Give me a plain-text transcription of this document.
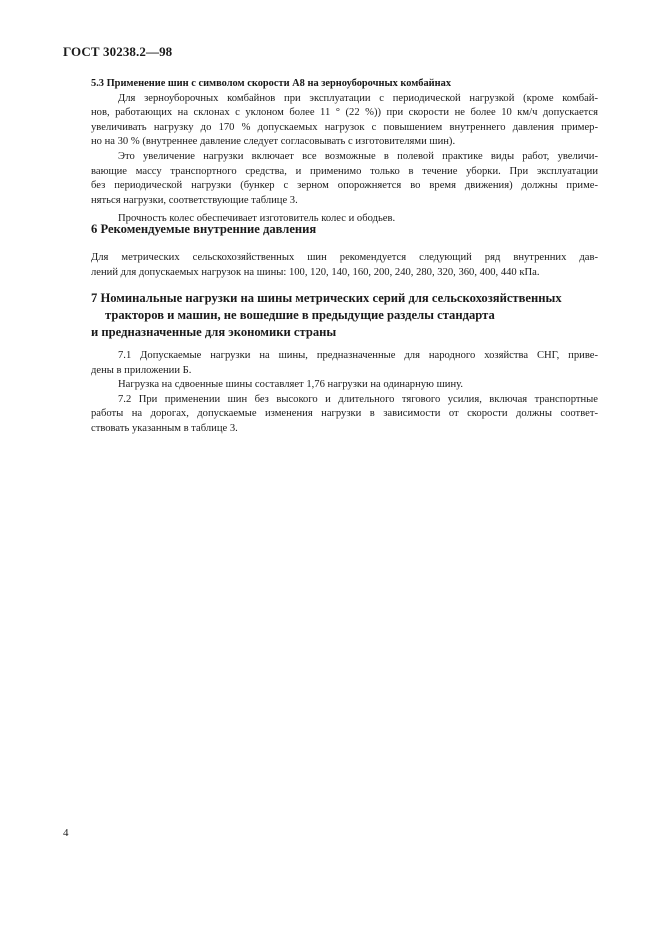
ГОСТ 30238.2—98
5.3 Применение шин с символом скорости А8 на зерноуборочных комбайнах
Для зерноуборочных комбайнов при эксплуатации с периодической нагрузкой (кроме комбай-
нов, работающих на склонах с уклоном более 11 ° (22 %)) при скорости не более 10 км/ч допускается
увеличивать нагрузку до 170 % допускаемых нагрузок с повышением внутреннего давления пример-
но на 30 % (внутреннее давление следует согласовывать с изготовителями шин).
Это увеличение нагрузки включает все возможные в полевой практике виды работ, увеличи-
вающие массу транспортного средства, и применимо только в течение уборки. При эксплуатации
без периодической нагрузки (бункер с зерном опорожняется во время движения) должны приме-
няться нагрузки, соответствующие таблице 3.
Прочность колес обеспечивает изготовитель колес и ободьев.
6 Рекомендуемые внутренние давления
Для метрических сельскохозяйственных шин рекомендуется следующий ряд внутренних дав-
лений для допускаемых нагрузок на шины: 100, 120, 140, 160, 200, 240, 280, 320, 360, 400, 440 кПа.
7 Номинальные нагрузки на шины метрических серий для сельскохозяйственных
тракторов и машин, не вошедшие в предыдущие разделы стандарта
и предназначенные для экономики страны
7.1 Допускаемые нагрузки на шины, предназначенные для народного хозяйства СНГ, приве-
дены в приложении Б.
Нагрузка на сдвоенные шины составляет 1,76 нагрузки на одинарную шину.
7.2 При применении шин без высокого и длительного тягового усилия, включая транспортные
работы на дорогах, допускаемые изменения нагрузки в зависимости от скорости должны соответ-
ствовать указанным в таблице 3.
4
